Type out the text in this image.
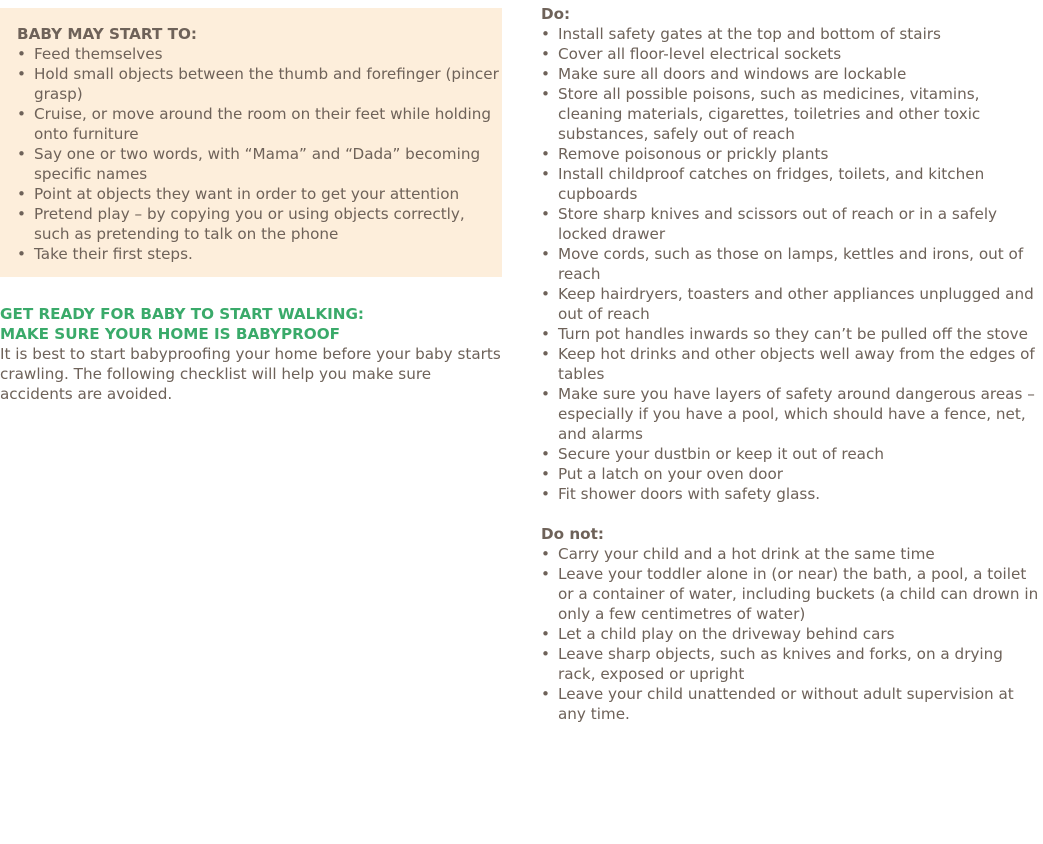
BABY MAY START TO:
• Feed themselves
• Hold small objects between the thumb and forefinger (pincer grasp)
• Cruise, or move around the room on their feet while holding onto furniture
• Say one or two words, with “Mama” and “Dada” becoming specific names
• Point at objects they want in order to get your attention
• Pretend play – by copying you or using objects correctly, such as pretending to talk on the phone
• Take their first steps.
GET READY FOR BABY TO START WALKING:
MAKE SURE YOUR HOME IS BABYPROOF

It is best to start babyproofing your home before your baby starts crawling. The following checklist will help you make sure accidents are avoided.

Do:
• Install safety gates at the top and bottom of stairs
• Cover all floor-level electrical sockets
• Make sure all doors and windows are lockable
• Store all possible poisons, such as medicines, vitamins, cleaning materials, cigarettes, toiletries and other toxic substances, safely out of reach
• Remove poisonous or prickly plants
• Install childproof catches on fridges, toilets, and kitchen cupboards
• Store sharp knives and scissors out of reach or in a safely locked drawer
• Move cords, such as those on lamps, kettles and irons, out of reach
• Keep hairdryers, toasters and other appliances unplugged and out of reach
• Turn pot handles inwards so they can’t be pulled off the stove
• Keep hot drinks and other objects well away from the edges of tables
• Make sure you have layers of safety around dangerous areas – especially if you have a pool, which should have a fence, net, and alarms
• Secure your dustbin or keep it out of reach
• Put a latch on your oven door
• Fit shower doors with safety glass.
Do not:
• Carry your child and a hot drink at the same time
• Leave your toddler alone in (or near) the bath, a pool, a toilet or a container of water, including buckets (a child can drown in only a few centimetres of water)
• Let a child play on the driveway behind cars
• Leave sharp objects, such as knives and forks, on a drying rack, exposed or upright
• Leave your child unattended or without adult supervision at any time.
